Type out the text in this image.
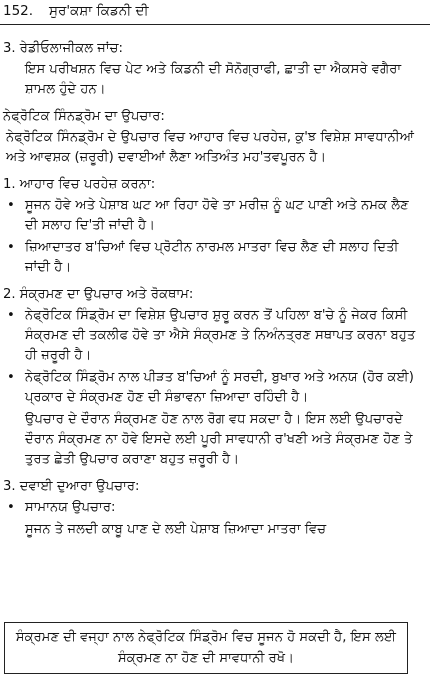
152. ਸੁਰ'ਕਸ਼ਾ ਕਿਡਨੀ ਦੀ
3. ਰੇਡੀਓਲਾਜੀਕਲ ਜਾਂਚ:
ਇਸ ਪਰੀਖਸ਼ਨ ਵਿਚ ਪੇਟ ਅਤੇ ਕਿਡਨੀ ਦੀ ਸੋਨੋਗ੍ਰਾਫੀ, ਛਾਤੀ ਦਾ ਐਕਸਰੇ ਵਗੈਰਾ ਸ਼ਾਮਲ ਹੁੰਦੇ ਹਨ।
ਨੇਫ੍ਰੋਟਿਕ ਸਿੰਨਡ੍ਰੋਮ ਦਾ ਉਪਚਾਰ:
ਨੇਫ੍ਰੋਟਿਕ ਸਿੰਨਡ੍ਰੋਮ ਦੇ ਉਪਚਾਰ ਵਿਚ ਆਹਾਰ ਵਿਚ ਪਰਹੇਜ਼, ਕੁ'ਝ ਵਿਸ਼ੇਸ਼ ਸਾਵਧਾਨੀਆਂ ਅਤੇ ਆਵਸ਼ਕ (ਜ਼ਰੂਰੀ) ਦਵਾਈਆਂ ਲੈਣਾ ਅਤਿਅੰਤ ਮਹ'ਤਵਪੂਰਨ ਹੈ।
1. ਆਹਾਰ ਵਿਚ ਪਰਹੇਜ਼ ਕਰਨਾ:
• ਸੂਜਨ ਹੋਵੇ ਅਤੇ ਪੇਸ਼ਾਬ ਘਟ ਆ ਰਿਹਾ ਹੋਵੇ ਤਾ ਮਰੀਜ਼ ਨੂੰ ਘਟ ਪਾਣੀ ਅਤੇ ਨਮਕ ਲੈਣ ਦੀ ਸਲਾਹ ਦਿ'ਤੀ ਜਾਂਦੀ ਹੈ।
• ਜ਼ਿਆਦਾਤਰ ਬ'ਚਿਆਂ ਵਿਚ ਪ੍ਰੋਟੀਨ ਨਾਰਮਲ ਮਾਤਰਾ ਵਿਚ ਲੈਣ ਦੀ ਸਲਾਹ ਦਿਤੀ ਜਾਂਦੀ ਹੈ।
2. ਸੰਕ੍ਰਮਣ ਦਾ ਉਪਚਾਰ ਅਤੇ ਰੋਕਥਾਮ:
• ਨੇਫ੍ਰੋਟਿਕ ਸਿੰਡ੍ਰੋਮ ਦਾ ਵਿਸ਼ੇਸ਼ ਉਪਚਾਰ ਸ਼ੁਰੂ ਕਰਨ ਤੋਂ ਪਹਿਲਾ ਬ'ਚੇ ਨੂੰ ਜੇਕਰ ਕਿਸੀ ਸੰਕ੍ਰਮਣ ਦੀ ਤਕਲੀਫ ਹੋਵੇ ਤਾ ਐਸੇ ਸੰਕ੍ਰਮਣ ਤੇ ਨਿਅੰਨਤ੍ਰਣ ਸਥਾਪਤ ਕਰਨਾ ਬਹੁਤ ਹੀ ਜ਼ਰੂਰੀ ਹੈ।
• ਨੇਫ੍ਰੋਟਿਕ ਸਿੰਡ੍ਰੋਮ ਨਾਲ ਪੀੜਤ ਬ'ਚਿਆਂ ਨੂੰ ਸਰਦੀ, ਬੁਖਾਰ ਅਤੇ ਅਨਯ (ਹੋਰ ਕਈ) ਪ੍ਰਕਾਰ ਦੇ ਸੰਕ੍ਰਮਣ ਹੋਣ ਦੀ ਸੰਭਾਵਨਾ ਜ਼ਿਆਦਾ ਰਹਿੰਦੀ ਹੈ।
ਉਪਚਾਰ ਦੇ ਦੌਰਾਨ ਸੰਕ੍ਰਮਣ ਹੋਣ ਨਾਲ ਰੋਗ ਵਧ ਸਕਦਾ ਹੈ। ਇਸ ਲਈ ਉਪਚਾਰਦੇ ਦੌਰਾਨ ਸੰਕ੍ਰਮਣ ਨਾ ਹੋਵੇ ਇਸਦੇ ਲਈ ਪੂਰੀ ਸਾਵਧਾਨੀ ਰ'ਖਣੀ ਅਤੇ ਸੰਕ੍ਰਮਣ ਹੋਣ ਤੇ ਤੁਰਤ ਛੇਤੀ ਉਪਚਾਰ ਕਰਾਣਾ ਬਹੁਤ ਜ਼ਰੂਰੀ ਹੈ।
3. ਦਵਾਈ ਦੁਆਰਾ ਉਪਚਾਰ:
• ਸਾਮਾਨਯ ਉਪਚਾਰ:
ਸੂਜਨ ਤੇ ਜਲਦੀ ਕਾਬੂ ਪਾਣ ਦੇ ਲਈ ਪੇਸ਼ਾਬ ਜ਼ਿਆਦਾ ਮਾਤਰਾ ਵਿਚ
ਸੰਕ੍ਰਮਣ ਦੀ ਵਜ੍ਹਾ ਨਾਲ ਨੇਫ੍ਰੋਟਿਕ ਸਿੰਡ੍ਰੋਮ ਵਿਚ ਸੂਜਨ ਹੋ ਸਕਦੀ ਹੈ, ਇਸ ਲਈ ਸੰਕ੍ਰਮਣ ਨਾ ਹੋਣ ਦੀ ਸਾਵਧਾਨੀ ਰਖੋ।
